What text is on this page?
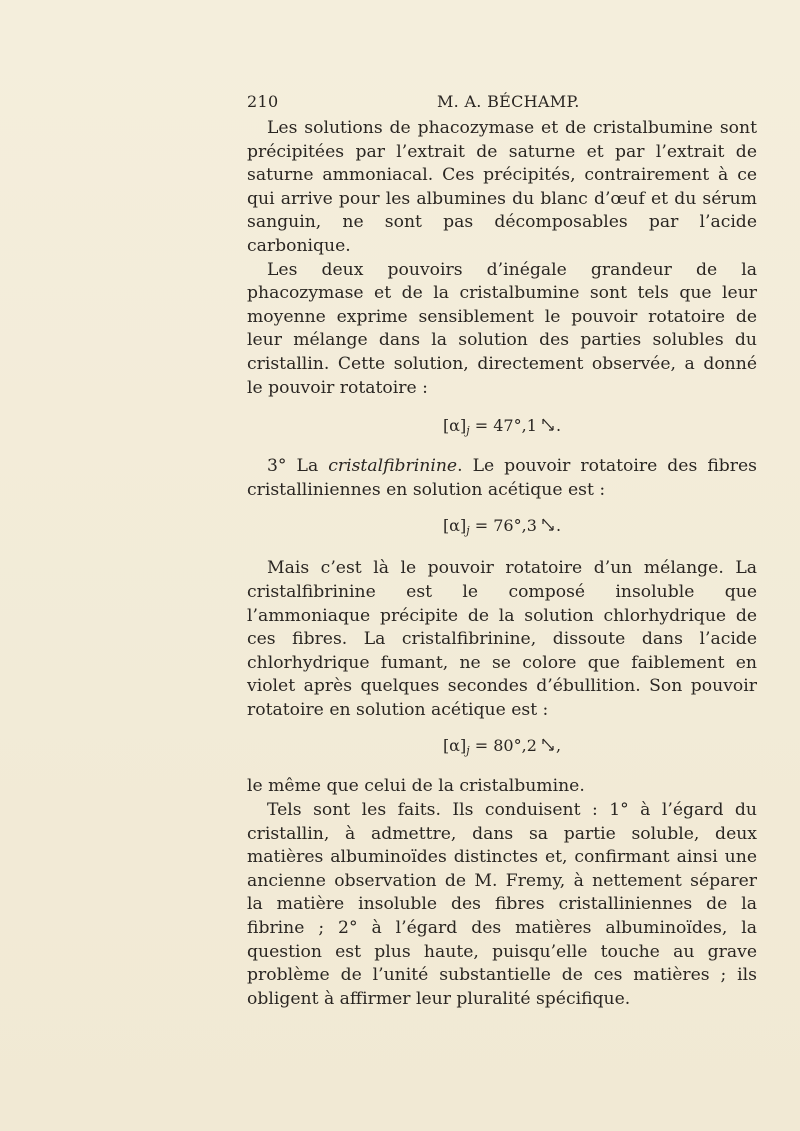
210	M. A. BÉCHAMP.

Les solutions de phacozymase et de cristalbumine sont précipitées par l’extrait de saturne et par l’extrait de saturne ammoniacal. Ces précipités, contrairement à ce qui arrive pour les albumines du blanc d’œuf et du sérum sanguin, ne sont pas décomposables par l’acide carbonique.

Les deux pouvoirs d’inégale grandeur de la phacozymase et de la cristalbumine sont tels que leur moyenne exprime sensiblement le pouvoir rotatoire de leur mélange dans la solution des parties solubles du cristallin. Cette solution, directement observée, a donné le pouvoir rotatoire :

$[\alpha]_j = 47^\circ,1$ .

3° La cristalfibrinine. Le pouvoir rotatoire des fibres cristalliniennes en solution acétique est :

$[\alpha]_j = 76^\circ,3$ .

Mais c’est là le pouvoir rotatoire d’un mélange. La cristalfibrinine est le composé insoluble que l’ammoniaque précipite de la solution chlorhydrique de ces fibres. La cristalfibrinine, dissoute dans l’acide chlorhydrique fumant, ne se colore que faiblement en violet après quelques secondes d’ébullition. Son pouvoir rotatoire en solution acétique est :

$[\alpha]_j = 80^\circ,2$ ,

le même que celui de la cristalbumine.

Tels sont les faits. Ils conduisent : 1° à l’égard du cristallin, à admettre, dans sa partie soluble, deux matières albuminoïdes distinctes et, confirmant ainsi une ancienne observation de M. Fremy, à nettement séparer la matière insoluble des fibres cristalliniennes de la fibrine ; 2° à l’égard des matières albuminoïdes, la question est plus haute, puisqu’elle touche au grave problème de l’unité substantielle de ces matières ; ils obligent à affirmer leur pluralité spécifique.
